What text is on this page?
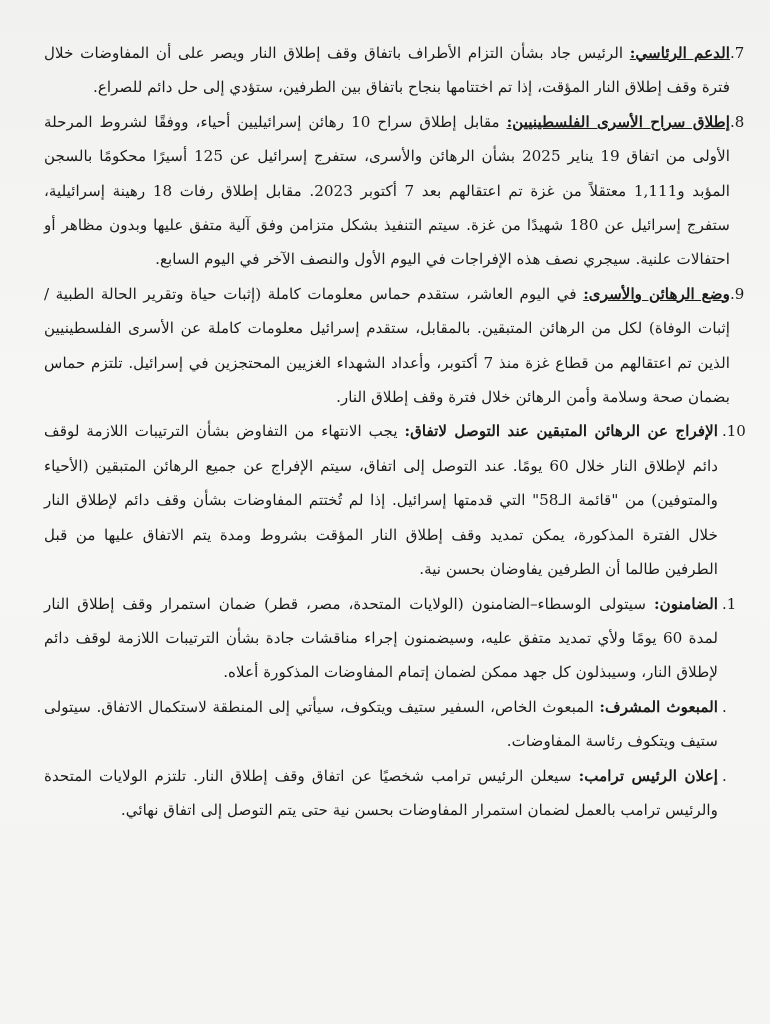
.7
الدعم الرئاسي: الرئيس جاد بشأن التزام الأطراف باتفاق وقف إطلاق النار ويصر على أن المفاوضات خلال فترة وقف إطلاق النار المؤقت، إذا تم اختتامها بنجاح باتفاق بين الطرفين، ستؤدي إلى حل دائم للصراع.

.8
إطلاق سراح الأسرى الفلسطينيين: مقابل إطلاق سراح 10 رهائن إسرائيليين أحياء، ووفقًا لشروط المرحلة الأولى من اتفاق 19 يناير 2025 بشأن الرهائن والأسرى، ستفرج إسرائيل عن 125 أسيرًا محكومًا بالسجن المؤبد و1,111 معتقلاً من غزة تم اعتقالهم بعد 7 أكتوبر 2023. مقابل إطلاق رفات 18 رهينة إسرائيلية، ستفرج إسرائيل عن 180 شهيدًا من غزة. سيتم التنفيذ بشكل متزامن وفق آلية متفق عليها وبدون مظاهر أو احتفالات علنية. سيجري نصف هذه الإفراجات في اليوم الأول والنصف الآخر في اليوم السابع.

.9
وضع الرهائن والأسرى: في اليوم العاشر، ستقدم حماس معلومات كاملة (إثبات حياة وتقرير الحالة الطبية / إثبات الوفاة) لكل من الرهائن المتبقين. بالمقابل، ستقدم إسرائيل معلومات كاملة عن الأسرى الفلسطينيين الذين تم اعتقالهم من قطاع غزة منذ 7 أكتوبر، وأعداد الشهداء الغزيين المحتجزين في إسرائيل. تلتزم حماس بضمان صحة وسلامة وأمن الرهائن خلال فترة وقف إطلاق النار.

.10
الإفراج عن الرهائن المتبقين عند التوصل لاتفاق: يجب الانتهاء من التفاوض بشأن الترتيبات اللازمة لوقف دائم لإطلاق النار خلال 60 يومًا. عند التوصل إلى اتفاق، سيتم الإفراج عن جميع الرهائن المتبقين (الأحياء والمتوفين) من "قائمة الـ58" التي قدمتها إسرائيل. إذا لم تُختتم المفاوضات بشأن وقف دائم لإطلاق النار خلال الفترة المذكورة، يمكن تمديد وقف إطلاق النار المؤقت بشروط ومدة يتم الاتفاق عليها من قبل الطرفين طالما أن الطرفين يفاوضان بحسن نية.

.1
الضامنون: سيتولى الوسطاء–الضامنون (الولايات المتحدة، مصر، قطر) ضمان استمرار وقف إطلاق النار لمدة 60 يومًا ولأي تمديد متفق عليه، وسيضمنون إجراء مناقشات جادة بشأن الترتيبات اللازمة لوقف دائم لإطلاق النار، وسيبذلون كل جهد ممكن لضمان إتمام المفاوضات المذكورة أعلاه.

.
المبعوث المشرف: المبعوث الخاص، السفير ستيف ويتكوف، سيأتي إلى المنطقة لاستكمال الاتفاق. سيتولى ستيف ويتكوف رئاسة المفاوضات.

.
إعلان الرئيس ترامب: سيعلن الرئيس ترامب شخصيًا عن اتفاق وقف إطلاق النار. تلتزم الولايات المتحدة والرئيس ترامب بالعمل لضمان استمرار المفاوضات بحسن نية حتى يتم التوصل إلى اتفاق نهائي.
